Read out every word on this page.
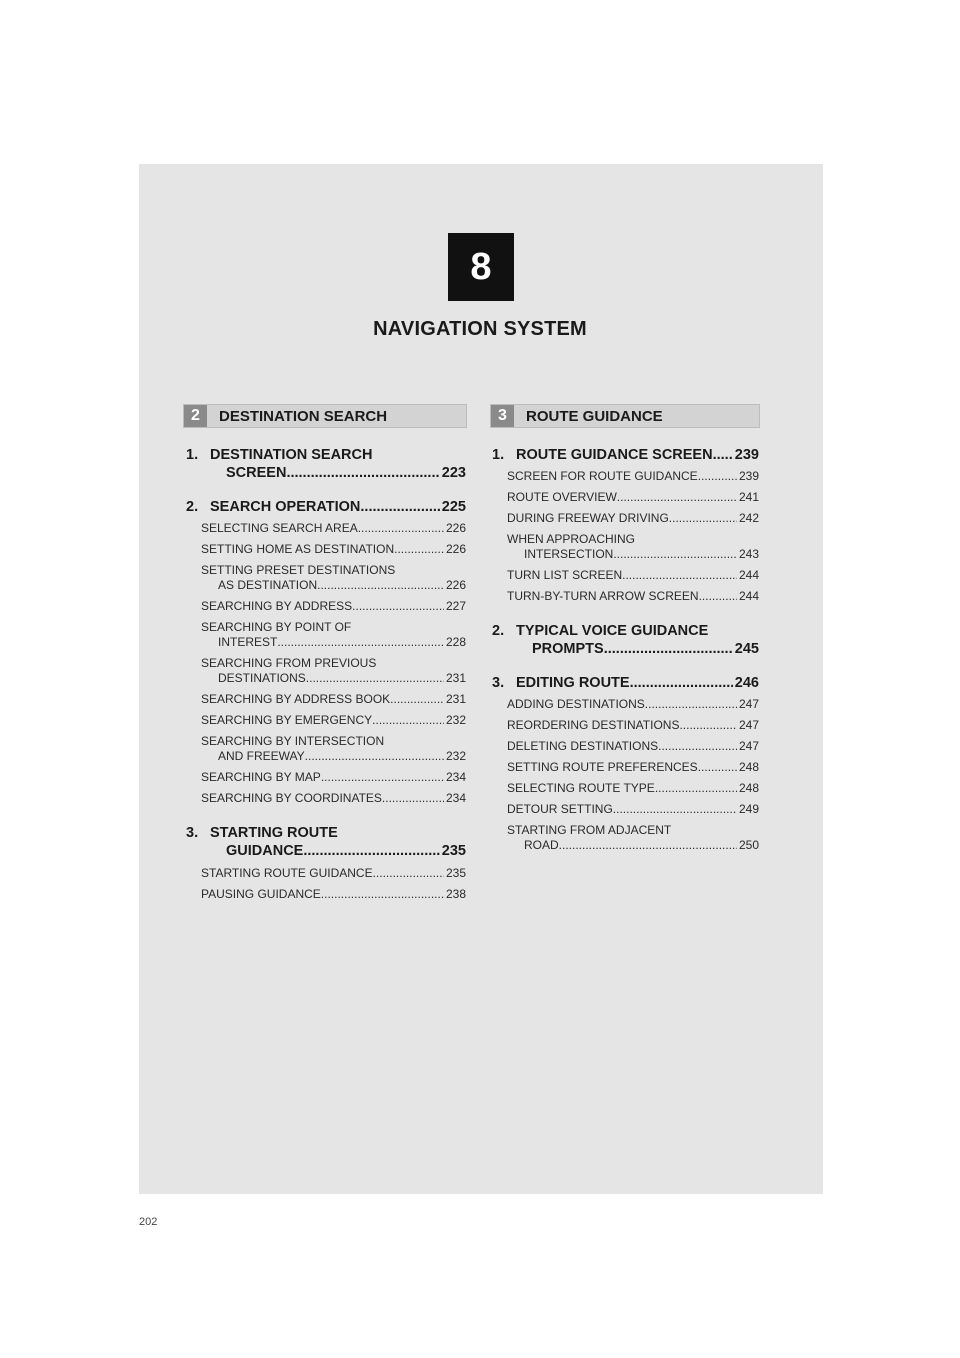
8
NAVIGATION SYSTEM
2	DESTINATION SEARCH	3	ROUTE GUIDANCE
1. DESTINATION SEARCH
SCREEN .....	223
2. SEARCH OPERATION .....	225
SELECTING SEARCH AREA .....	226
SETTING HOME AS DESTINATION .....	226
SETTING PRESET DESTINATIONS
AS DESTINATION .....	226
SEARCHING BY ADDRESS .....	227
SEARCHING BY POINT OF
INTEREST .....	228
SEARCHING FROM PREVIOUS
DESTINATIONS .....	231
SEARCHING BY ADDRESS BOOK .....	231
SEARCHING BY EMERGENCY .....	232
SEARCHING BY INTERSECTION
AND FREEWAY .....	232
SEARCHING BY MAP .....	234
SEARCHING BY COORDINATES .....	234
3. STARTING ROUTE
GUIDANCE .....	235
STARTING ROUTE GUIDANCE .....	235
PAUSING GUIDANCE .....	238
1. ROUTE GUIDANCE SCREEN ..... 239
SCREEN FOR ROUTE GUIDANCE .....	239
ROUTE OVERVIEW .....	241
DURING FREEWAY DRIVING .....	242
WHEN APPROACHING
INTERSECTION .....	243
TURN LIST SCREEN .....	244
TURN-BY-TURN ARROW SCREEN .....	244
2. TYPICAL VOICE GUIDANCE
PROMPTS .....	245
3. EDITING ROUTE .....	246
ADDING DESTINATIONS .....	247
REORDERING DESTINATIONS .....	247
DELETING DESTINATIONS .....	247
SETTING ROUTE PREFERENCES .....	248
SELECTING ROUTE TYPE .....	248
DETOUR SETTING .....	249
STARTING FROM ADJACENT
ROAD .....	250
202
